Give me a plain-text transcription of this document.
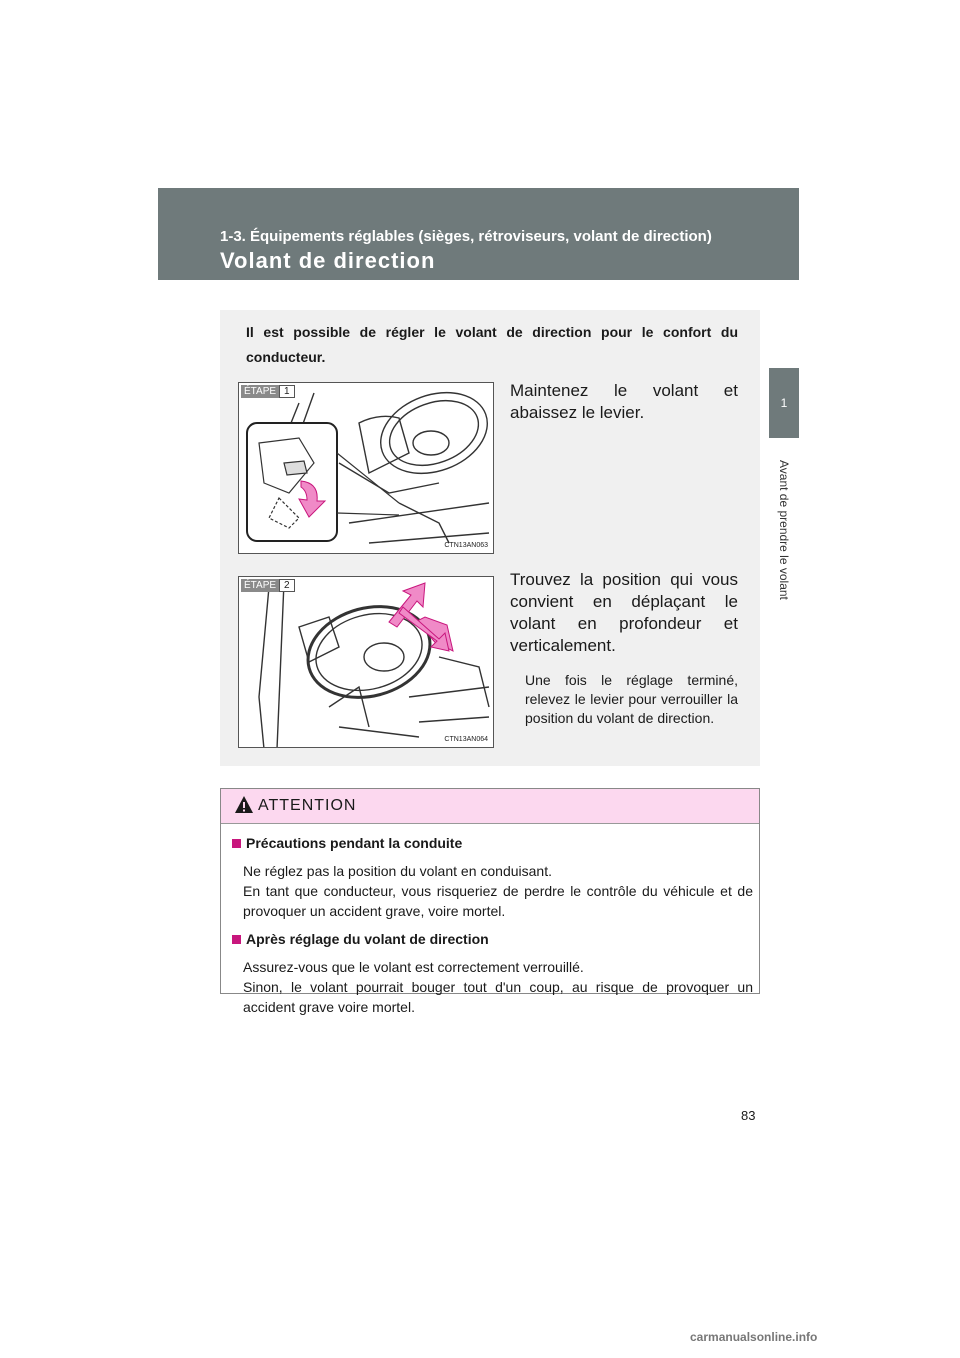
1-3. Équipements réglables (sièges, rétroviseurs, volant de direction)
Volant de direction
1
Avant de prendre le volant
Il est possible de régler le volant de direction pour le confort du conducteur.
ÉTAPE 1
CTN13AN063
Maintenez le volant et abaissez le levier.
ÉTAPE 2
CTN13AN064
Trouvez la position qui vous convient en déplaçant le volant en profondeur et verticalement.
Une fois le réglage terminé, relevez le levier pour verrouiller la position du volant de direction.
ATTENTION
Précautions pendant la conduite
Ne réglez pas la position du volant en conduisant.
En tant que conducteur, vous risqueriez de perdre le contrôle du véhicule et de provoquer un accident grave, voire mortel.
Après réglage du volant de direction
Assurez-vous que le volant est correctement verrouillé.
Sinon, le volant pourrait bouger tout d'un coup, au risque de provoquer un accident grave voire mortel.
83
carmanualsonline.info
